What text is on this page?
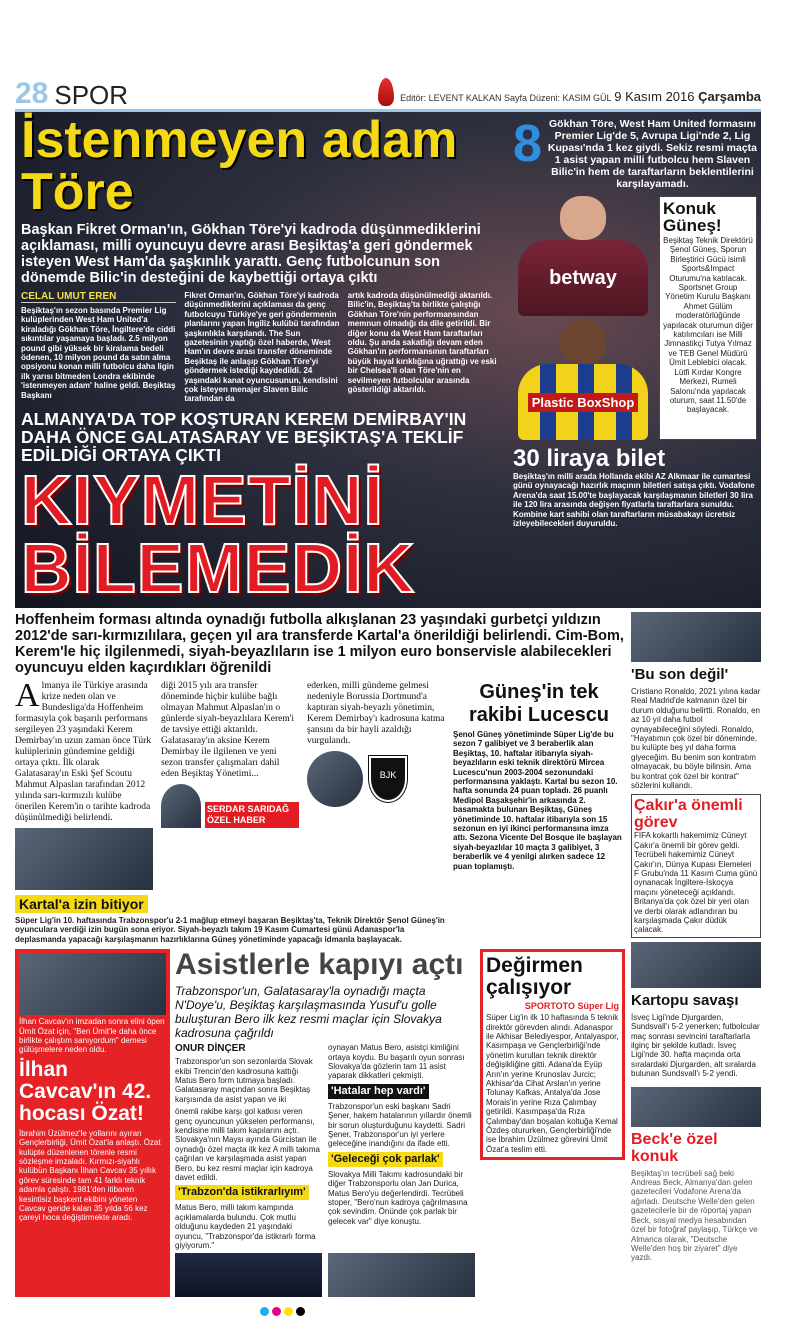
28 SPOR	Editör: LEVENT KALKAN Sayfa Düzeni: KASIM GÜL 9 Kasım 2016 Çarşamba
İstenmeyen adam Töre
Başkan Fikret Orman'ın, Gökhan Töre'yi kadroda düşünmediklerini açıklaması, milli oyuncuyu devre arası Beşiktaş'a geri göndermek isteyen West Ham'da şaşkınlık yarattı. Genç futbolcunun son dönemde Bilic'in desteğini de kaybettiği ortaya çıktı
CELAL UMUT EREN
Beşiktaş'ın sezon basında Premier Lig kulüplerinden West Ham United'a kiraladığı Gökhan Töre, İngiltere'de ciddi sıkıntılar yaşamaya başladı. 2.5 milyon pound gibi yüksek bir kiralama bedeli ödenen, 10 milyon pound da satın alma opsiyonu konan milli futbolcu daha ligin ilk yarısı bitmeden Londra ekibinde 'istenmeyen adam' haline geldi. Beşiktaş Başkanı
Fikret Orman'ın, Gökhan Töre'yi kadroda düşünmediklerini açıklaması da genç futbolcuyu Türkiye'ye geri göndermenin planlarını yapan İngiliz kulübü tarafından şaşkınlıkla karşılandı. The Sun gazetesinin yaptığı özel haberde, West Ham'ın devre arası transfer döneminde Beşiktaş ile anlaşıp Gökhan Töre'yi göndermek istediği kaydedildi. 24 yaşındaki kanat oyuncusunun, kendisini çok isteyen menajer Slaven Bilic tarafından da
artık kadroda düşünülmediği aktarıldı. Bilic'in, Beşiktaş'ta birlikte çalıştığı Gökhan Töre'nin performansından memnun olmadığı da dile getirildi. Bir diğer konu da West Ham taraftarları oldu. Şu anda sakatlığı devam eden Gökhan'ın performansının taraftarları büyük hayal kırıklığına uğrattığı ve eski bir Chelsea'li olan Töre'nin en sevilmeyen futbolcular arasında gösterildiği aktarıldı.
ALMANYA'DA TOP KOŞTURAN KEREM DEMİRBAY'IN DAHA ÖNCE GALATASARAY VE BEŞİKTAŞ'A TEKLİF EDİLDİĞİ ORTAYA ÇIKTI
KIYMETİNİ
BİLEMEDİK
8 Gökhan Töre, West Ham United formasını Premier Lig'de 5, Avrupa Ligi'nde 2, Lig Kupası'nda 1 kez giydi. Sekiz resmi maçta 1 asist yapan milli futbolcu hem Slaven Bilic'in hem de taraftarların beklentilerini karşılayamadı.
betway
Plastic BoxShop
Konuk Güneş!

Beşiktaş Teknik Direktörü Şenol Güneş, Sporun Birleştirici Gücü isimli Sports&Impact Oturumu'na katılacak. Sportsnet Group Yönetim Kurulu Başkanı Ahmet Gülüm moderatörlüğünde yapılacak oturumun diğer katılımcıları ise Milli Jimnastikçi Tutya Yılmaz ve TEB Genel Müdürü Ümit Leblebici olacak. Lütfi Kırdar Kongre Merkezi, Rumeli Salonu'nda yapılacak oturum, saat 11.50'de başlayacak.

30 liraya bilet
Beşiktaş'ın milli arada Hollanda ekibi AZ Alkmaar ile cumartesi günü oynayacağı hazırlık maçının biletleri satışa çıktı. Vodafone Arena'da saat 15.00'te başlayacak karşılaşmanın biletleri 30 lira ile 120 lira arasında değişen fiyatlarla taraftarlara sunuldu. Kombine kart sahibi olan taraftarların müsabakayı ücretsiz izleyebilecekleri duyuruldu.
Hoffenheim forması altında oynadığı futbolla alkışlanan 23 yaşındaki gurbetçi yıldızın 2012'de sarı-kırmızılılara, geçen yıl ara transferde Kartal'a önerildiği belirlendi. Cim-Bom, Kerem'le hiç ilgilenmedi, siyah-beyazlıların ise 1 milyon euro bonservisle alabilecekleri oyuncuyu elden kaçırdıkları öğrenildi
Almanya ile Türkiye arasında krize neden olan ve Bundesliga'da Hoffenheim formasıyla çok başarılı performans sergileyen 23 yaşındaki Kerem Demirbay'ın uzun zaman önce Türk kulüplerinin gündemine geldiği ortaya çıktı. İlk olarak Galatasaray'ın Eski Şef Scoutu Mahmut Alpaslan tarafından 2012 yılında sarı-kırmızılı kulübe önerilen Kerem'in o tarihte kadroda düşünülmediği belirlendi.
diği 2015 yılı ara transfer döneminde hiçbir kulübe bağlı olmayan Mahmut Alpaslan'ın o günlerde siyah-beyazlılara Kerem'i de tavsiye ettiği aktarıldı. Galatasaray'ın aksine Kerem Demirbay ile ilgilenen ve yeni sezon transfer çalışmaları dahil eden Beşiktaş Yönetimi...
SERDAR SARIDAĞ
ÖZEL HABER
ederken, milli gündeme gelmesi nedeniyle Borussia Dortmund'a kaptıran siyah-beyazlı yönetimin, Kerem Demirbay'ı kadrosuna katma şansını da bir hayli azaldığı vurgulandı.
BJK
Kartal'a izin bitiyor
Süper Lig'in 10. haftasında Trabzonspor'u 2-1 mağlup etmeyi başaran Beşiktaş'ta, Teknik Direktör Şenol Güneş'in oyunculara verdiği izin bugün sona eriyor. Siyah-beyazlı takım 19 Kasım Cumartesi günü Adanaspor'la deplasmanda yapacağı karşılaşmanın hazırlıklarına Güneş yönetiminde yapacağı idmanla başlayacak.
Güneş'in tek rakibi Lucescu
Şenol Güneş yönetiminde Süper Lig'de bu sezon 7 galibiyet ve 3 beraberlik alan Beşiktaş, 10. haftalar itibarıyla siyah-beyazlıların eski teknik direktörü Mircea Lucescu'nun 2003-2004 sezonundaki performansına yaklaştı. Kartal bu sezon 10. hafta sonunda 24 puan topladı. 26 puanlı Medipol Başakşehir'in arkasında 2. basamakta bulunan Beşiktaş, Güneş yönetiminde 10. haftalar itibarıyla son 15 sezonun en iyi ikinci performansına imza attı. Sezona Vicente Del Bosque ile başlayan siyah-beyazlılar 10 maçta 3 galibiyet, 3 beraberlik ve 4 yenilgi alırken sadece 12 puan toplamıştı.
İlhan Cavcav'ın imzadan sonra elini öpen Ümit Özat için, "Ben Ümit'le daha önce birlikte çalıştım sanıyordum" demesi gülüşmelere neden oldu.
İlhan Cavcav'ın 42. hocası Özat!
İbrahim Üzülmez'le yollarını ayıran Gençlerbirliği, Ümit Özat'la anlaştı. Özat kulüpte düzenlenen törenle resmi sözleşme imzaladı. Kırmızı-siyahlı kulübün Başkanı İlhan Cavcav 35 yıllık görev süresinde tam 41 farklı teknik adamla çalıştı. 1981'den itibaren kesintisiz başkent ekibini yöneten Cavcav geride kalan 35 yılda 56 kez çareyi hoca değiştirmekte aradı.
Asistlerle kapıyı açtı
Trabzonspor'un, Galatasaray'la oynadığı maçta N'Doye'u, Beşiktaş karşılaşmasında Yusuf'u golle buluşturan Bero ilk kez resmi maçlar için Slovakya kadrosuna çağrıldı
ONUR DİNÇER
Trabzonspor'un son sezonlarda Slovak ekibi Trencin'den kadrosuna kattığı Matus Bero form tutmaya başladı. Galatasaray maçından sonra Beşiktaş karşısında da asist yapan ve iki
önemli rakibe karşı gol katkısı veren genç oyuncunun yükselen performansı, kendisine milli takım kapılarını açtı. Slovakya'nın Maysı ayında Gürcistan ile oynadığı özel maçta ilk kez A milli takıma çağrılan ve karşılaşmada asist yapan Bero, bu kez resmi maçlar için kadroya davet edildi.
'Trabzon'da istikrarlıyım'
Matus Bero, milli takım kampında açıklamalarda bulundu. Çok mutlu olduğunu kaydeden 21 yaşındaki oyuncu, "Trabzonspor'da istikrarlı forma giyiyorum."
oynayan Matus Bero, asistçi kimliğini ortaya koydu. Bu başarılı oyun sonrası Slovakya'da gözlerin tam 11 asist yaparak dikkatleri çekmişti.
'Hatalar hep vardı'
Trabzonspor'un eski başkanı Sadri Şener, hakem hatalarının yıllardır önemli bir sorun oluşturduğunu kaydetti. Sadri Şener, Trabzonspor'un iyi yerlere geleceğine inandığını da ifade etti.
'Geleceği çok parlak'
Slovakya Milli Takımı kadrosundaki bir diğer Trabzonsporlu olan Jan Durica, Matus Bero'yu değerlendirdi. Tecrübeli stoper, "Bero'nun kadroya çağrılmasına çok sevindim. Önünde çok parlak bir gelecek var" diye konuştu.
Değirmen çalışıyor
SPORTOTO Süper Lig
Süper Lig'in ilk 10 haftasında 5 teknik direktör görevden alındı. Adanaspor ile Akhisar Belediyespor, Antalyaspor, Kasımpaşa ve Gençlerbirliği'nde yönetim kurulları teknik direktör değişikliğine gitti. Adana'da Eyüp Arın'ın yerine Krunoslav Jurcic; Akhisar'da Cihat Arslan'ın yerine Tolunay Kafkas, Antalya'da Jose Morais'in yerine Rıza Çalımbay getirildi. Kasımpaşa'da Rıza Çalımbay'dan boşalan koltuğa Kemal Özdeş otururken, Gençlerbirliği'nde ise İbrahim Üzülmez görevini Ümit Özat'a teslim etti.
'Bu son değil'
Cristiano Ronaldo, 2021 yılına kadar Real Madrid'de kalmanın özel bir durum olduğunu belirtti. Ronaldo, en az 10 yıl daha futbol oynayabileceğini söyledi. Ronaldo, "Hayatımın çok özel bir döneminde, bu kulüpte beş yıl daha forma giyeceğim. Bu benim son kontratım olmayacak, bu böyle bilinsin. Ama bu kontrat çok özel bir kontrat" sözlerini kullandı.
Çakır'a önemli görev
FIFA kokartlı hakemimiz Cüneyt Çakır'a önemli bir görev geldi. Tecrübeli hakemimiz Cüneyt Çakır'ın, Dünya Kupası Elemeleri F Grubu'nda 11 Kasım Cuma günü oynanacak İngiltere-İskoçya maçını yöneteceği açıklandı. Britanya'da çok özel bir yeri olan ve derbi olarak adlandıran bu karşılaşmada Çakır düdük çalacak.
Kartopu savaşı
İsveç Ligi'nde Djurgarden, Sundsvall'ı 5-2 yenerken; futbolcular maç sonrası sevincini taraftarlarla ilginç bir şekilde kutladı. İsveç Ligi'nde 30. hafta maçında orta sıralardaki Djurgarden, alt sıralarda bulunan Sundsvall'ı 5-2 yendi.
Beck'e özel konuk
Beşiktaş'ın tecrübeli sağ beki Andreas Beck, Almanya'dan gelen gazetecileri Vodafone Arena'da ağırladı. Deutsche Welle'den gelen gazetecilerle bir de röportaj yapan Beck, sosyal medya hesabından özel bir fotoğraf paylaşıp, Türkçe ve Almanca olarak, "Deutsche Welle'den hoş bir ziyaret" diye yazdı.
